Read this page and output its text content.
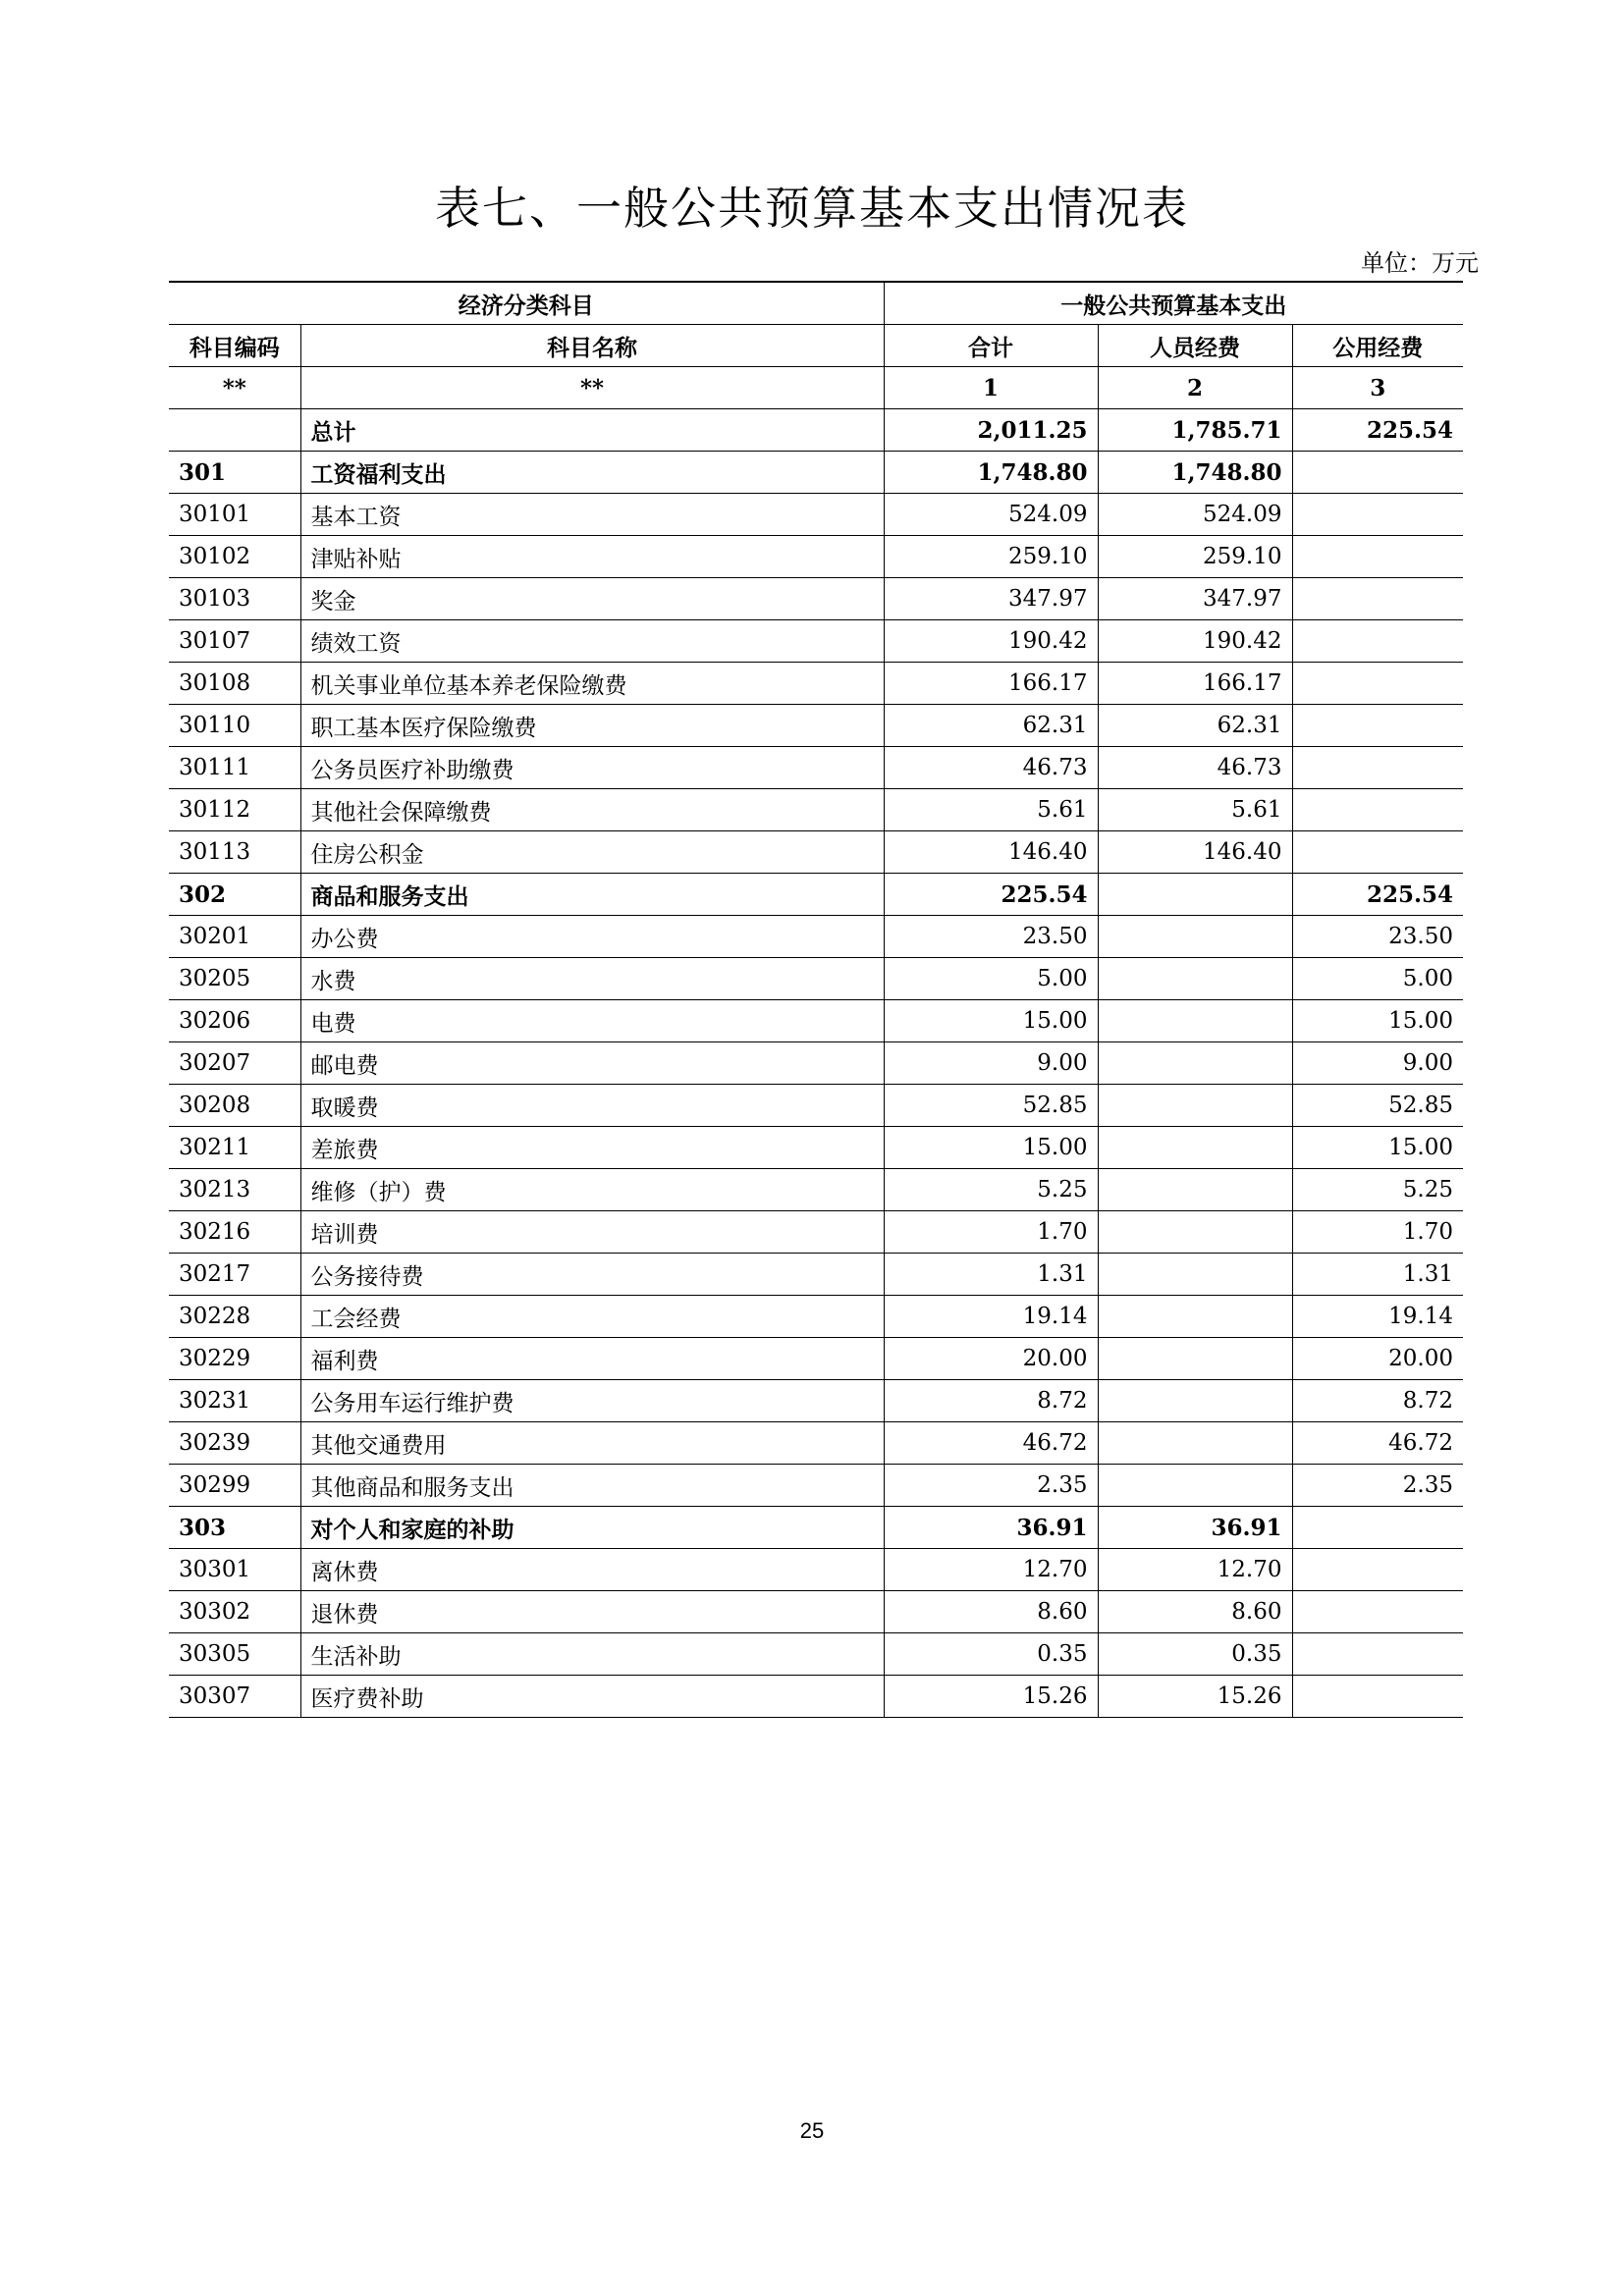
表七、一般公共预算基本支出情况表
单位：万元
经济分类科目		一般公共预算基本支出		
科目编码	科目名称	合计	人员经费	公用经费
**	**	1	2	3
	总计	2,011.25	1,785.71	225.54
301	工资福利支出	1,748.80	1,748.80	
30101	基本工资	524.09	524.09	
30102	津贴补贴	259.10	259.10	
30103	奖金	347.97	347.97	
30107	绩效工资	190.42	190.42	
30108	机关事业单位基本养老保险缴费	166.17	166.17	
30110	职工基本医疗保险缴费	62.31	62.31	
30111	公务员医疗补助缴费	46.73	46.73	
30112	其他社会保障缴费	5.61	5.61	
30113	住房公积金	146.40	146.40	
302	商品和服务支出	225.54		225.54
30201	办公费	23.50		23.50
30205	水费	5.00		5.00
30206	电费	15.00		15.00
30207	邮电费	9.00		9.00
30208	取暖费	52.85		52.85
30211	差旅费	15.00		15.00
30213	维修（护）费	5.25		5.25
30216	培训费	1.70		1.70
30217	公务接待费	1.31		1.31
30228	工会经费	19.14		19.14
30229	福利费	20.00		20.00
30231	公务用车运行维护费	8.72		8.72
30239	其他交通费用	46.72		46.72
30299	其他商品和服务支出	2.35		2.35
303	对个人和家庭的补助	36.91	36.91	
30301	离休费	12.70	12.70	
30302	退休费	8.60	8.60	
30305	生活补助	0.35	0.35	
30307	医疗费补助	15.26	15.26	
25
